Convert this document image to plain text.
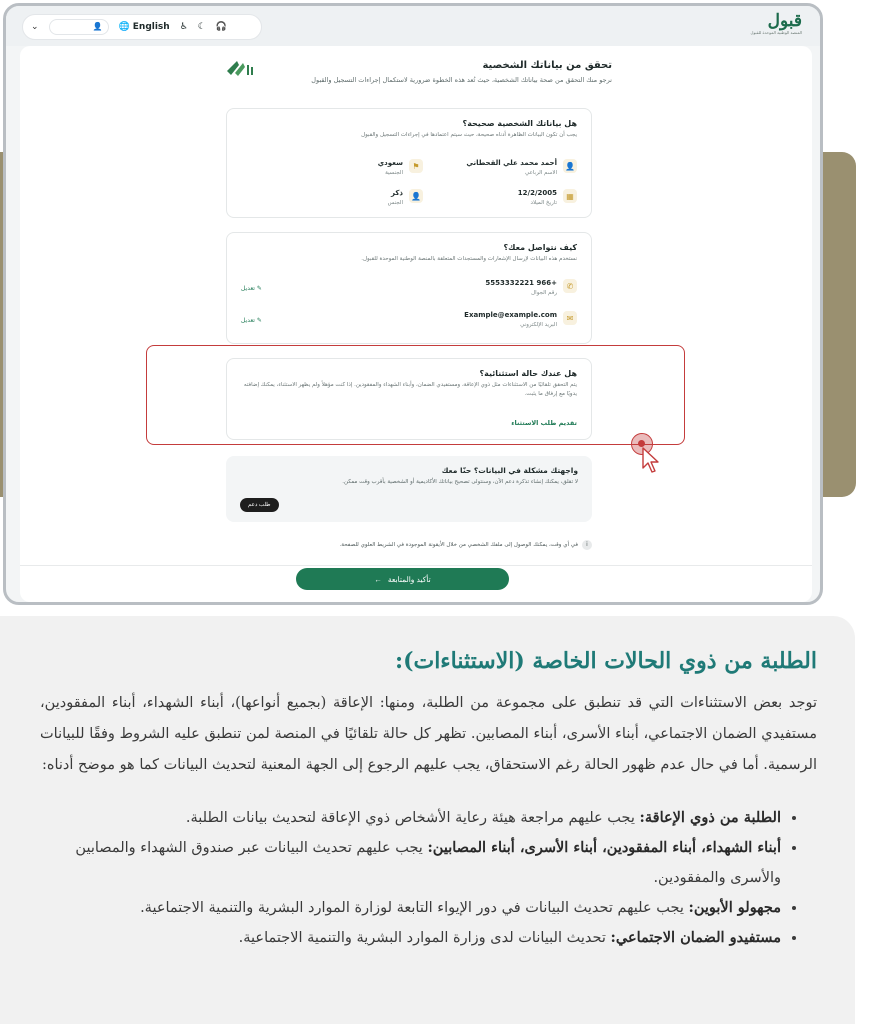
⌄	👤	🌐 English ♿ ☾ 🎧	قبول
المنصة الوطنية الموحدة للقبول
تحقق من بياناتك الشخصية

نرجو منك التحقق من صحة بياناتك الشخصية، حيث تُعد هذه الخطوة ضرورية لاستكمال إجراءات التسجيل والقبول

هل بياناتك الشخصية صحيحة؟
يجب أن تكون البيانات الظاهرة أدناه صحيحة، حيث سيتم اعتمادها في إجراءات التسجيل والقبول
👤
أحمد محمد علي القحطاني
الاسم الرباعي
⚑
سعودي
الجنسية
▦
12/2/2005
تاريخ الميلاد
👤
ذكر
الجنس
كيف نتواصل معك؟
نستخدم هذه البيانات لإرسال الإشعارات والمستجدات المتعلقة بالمنصة الوطنية الموحدة للقبول.
✆
+966 5553332221
رقم الجوال
✎ تعديل
✉
Example@example.com
البريد الإلكتروني
✎ تعديل
هل عندك حالة استثنائية؟
يتم التحقق تلقائيًا من الاستثناءات مثل ذوي الإعاقة، ومستفيدي الضمان، وأبناء الشهداء والمفقودين. إذا كنت مؤهلاً ولم يظهر الاستثناء، يمكنك إضافته يدويًا مع إرفاق ما يثبت.
تقديم طلب الاستثناء
واجهتك مشكلة في البيانات؟ حنّا معك

لا تقلق، يمكنك إنشاء تذكرة دعم الآن، وسنتولى تصحيح بياناتك الأكاديمية أو الشخصية بأقرب وقت ممكن.

طلب دعم
i
في أي وقت، يمكنك الوصول إلى ملفك الشخصي من خلال الأيقونة الموجودة في الشريط العلوي للصفحة.
تأكيد والمتابعة
←
الطلبة من ذوي الحالات الخاصة (الاستثناءات):

توجد بعض الاستثناءات التي قد تنطبق على مجموعة من الطلبة، ومنها: الإعاقة (بجميع أنواعها)، أبناء الشهداء، أبناء المفقودين، مستفيدي الضمان الاجتماعي، أبناء الأسرى، أبناء المصابين. تظهر كل حالة تلقائيًا في المنصة لمن تنطبق عليه الشروط وفقًا للبيانات الرسمية. أما في حال عدم ظهور الحالة رغم الاستحقاق، يجب عليهم الرجوع إلى الجهة المعنية لتحديث البيانات كما هو موضح أدناه:

• الطلبة من ذوي الإعاقة: يجب عليهم مراجعة هيئة رعاية الأشخاص ذوي الإعاقة لتحديث بيانات الطلبة.
• أبناء الشهداء، أبناء المفقودين، أبناء الأسرى، أبناء المصابين: يجب عليهم تحديث البيانات عبر صندوق الشهداء والمصابين والأسرى والمفقودين.
• مجهولو الأبوين: يجب عليهم تحديث البيانات في دور الإيواء التابعة لوزارة الموارد البشرية والتنمية الاجتماعية.
• مستفيدو الضمان الاجتماعي: تحديث البيانات لدى وزارة الموارد البشرية والتنمية الاجتماعية.
